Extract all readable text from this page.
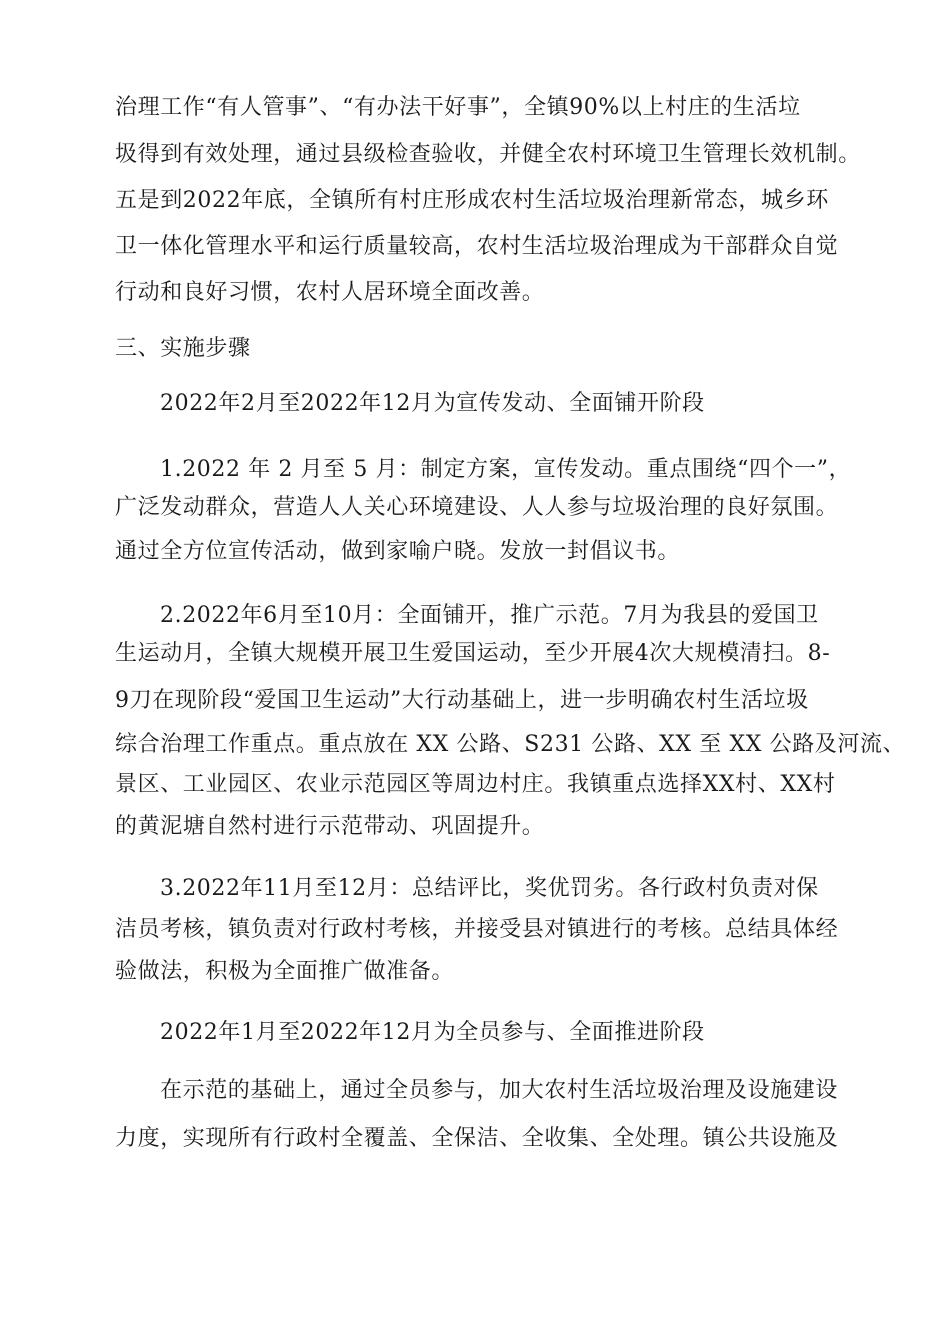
治理工作“有人管事”、“有办法干好事”，全镇90%以上村庄的生活垃
圾得到有效处理，通过县级检查验收，并健全农村环境卫生管理长效机制。
五是到2022年底，全镇所有村庄形成农村生活垃圾治理新常态，城乡环
卫一体化管理水平和运行质量较高，农村生活垃圾治理成为干部群众自觉
行动和良好习惯，农村人居环境全面改善。
三、实施步骤
2022年2月至2022年12月为宣传发动、全面铺开阶段
1.2022 年 2 月至 5 月：制定方案，宣传发动。重点围绕“四个一”，
广泛发动群众，营造人人关心环境建设、人人参与垃圾治理的良好氛围。
通过全方位宣传活动，做到家喻户晓。发放一封倡议书。
2.2022年6月至10月：全面铺开，推广示范。7月为我县的爱国卫
生运动月，全镇大规模开展卫生爱国运动，至少开展4次大规模清扫。8-
9刀在现阶段“爱国卫生运动”大行动基础上，进一步明确农村生活垃圾
综合治理工作重点。重点放在 XX 公路、S231 公路、XX 至 XX 公路及河流、
景区、工业园区、农业示范园区等周边村庄。我镇重点选择XX村、XX村
的黄泥塘自然村进行示范带动、巩固提升。
3.2022年11月至12月：总结评比，奖优罚劣。各行政村负责对保
洁员考核，镇负责对行政村考核，并接受县对镇进行的考核。总结具体经
验做法，积极为全面推广做准备。
2022年1月至2022年12月为全员参与、全面推进阶段
在示范的基础上，通过全员参与，加大农村生活垃圾治理及设施建设
力度，实现所有行政村全覆盖、全保洁、全收集、全处理。镇公共设施及
